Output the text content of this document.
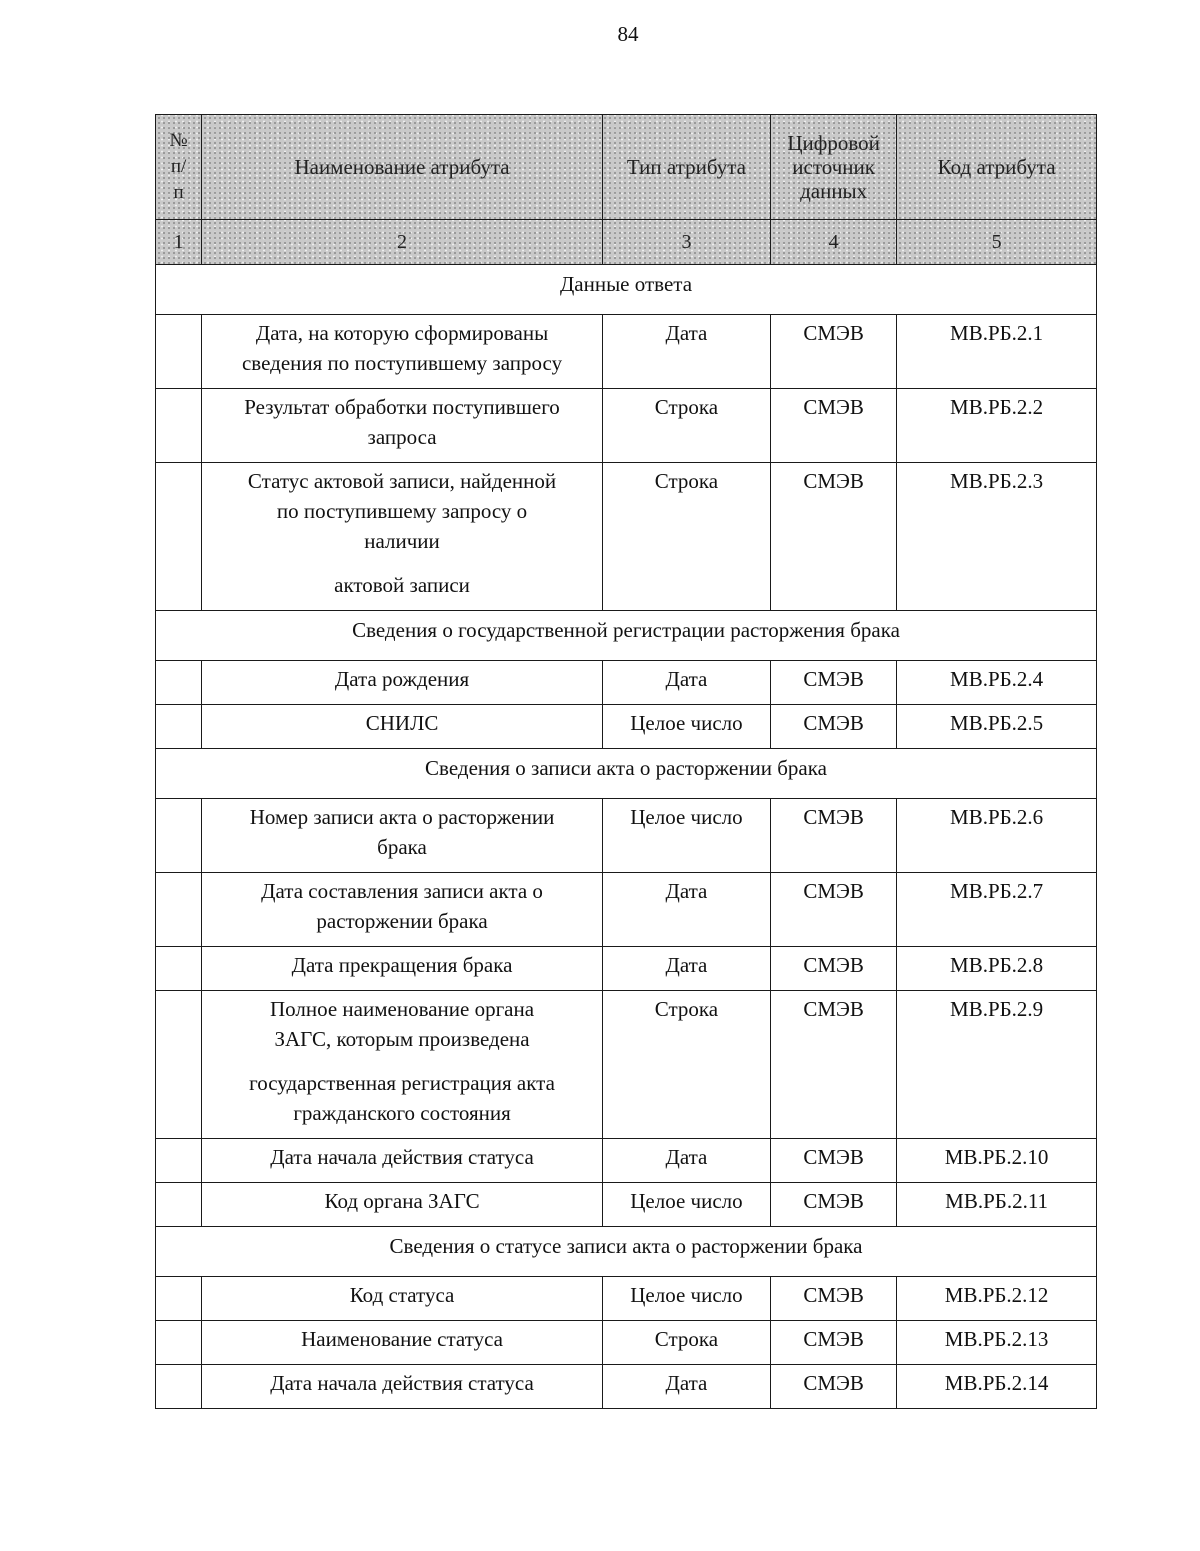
84
№
п/
п	Наименование атрибута	Тип атрибута	Цифровой
источник
данных	Код атрибута
1	2	3	4	5
Данные ответа				

	Дата, на которую сформированы
сведения по поступившему запросу	Дата	СМЭВ	МВ.РБ.2.1

	Результат обработки поступившего
запроса	Строка	СМЭВ	МВ.РБ.2.2

	Статус актовой записи, найденной
по поступившему запросу о
наличии
актовой записи	Строка	СМЭВ	МВ.РБ.2.3
Сведения о государственной регистрации расторжения брака				
	Дата рождения	Дата	СМЭВ	МВ.РБ.2.4
	СНИЛС	Целое число	СМЭВ	МВ.РБ.2.5
Сведения о записи акта о расторжении брака				

	Номер записи акта о расторжении
брака	Целое число	СМЭВ	МВ.РБ.2.6

	Дата составления записи акта о
расторжении брака	Дата	СМЭВ	МВ.РБ.2.7
	Дата прекращения брака	Дата	СМЭВ	МВ.РБ.2.8

	Полное наименование органа
ЗАГС, которым произведена
государственная регистрация акта
гражданского состояния	Строка	СМЭВ	МВ.РБ.2.9
	Дата начала действия статуса	Дата	СМЭВ	МВ.РБ.2.10
	Код органа ЗАГС	Целое число	СМЭВ	МВ.РБ.2.11
Сведения о статусе записи акта о расторжении брака				
	Код статуса	Целое число	СМЭВ	МВ.РБ.2.12
	Наименование статуса	Строка	СМЭВ	МВ.РБ.2.13
	Дата начала действия статуса	Дата	СМЭВ	МВ.РБ.2.14
